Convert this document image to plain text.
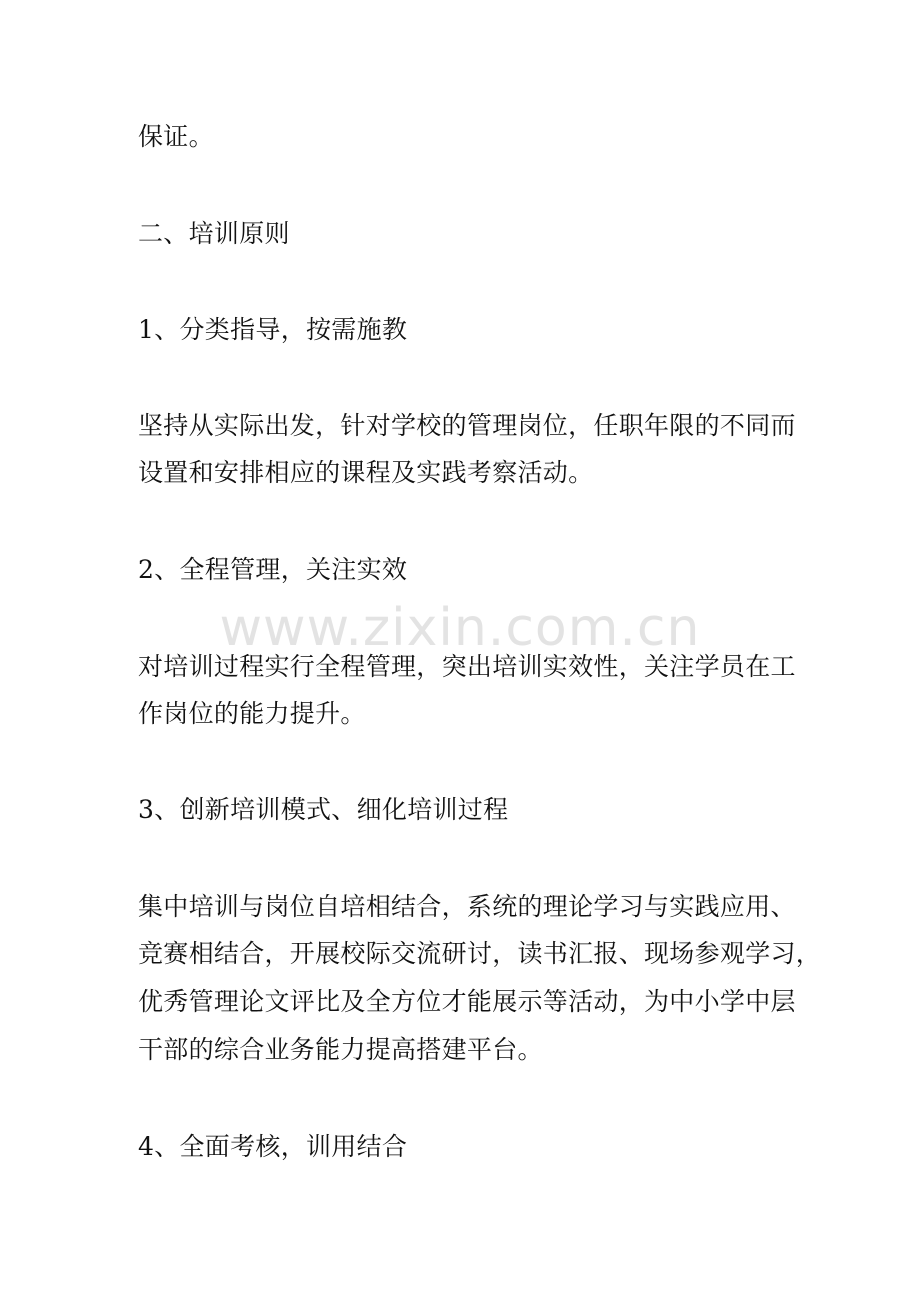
www.zixin.com.cn
保证。
二、培训原则
1、分类指导，按需施教
坚持从实际出发，针对学校的管理岗位，任职年限的不同而
设置和安排相应的课程及实践考察活动。
2、全程管理，关注实效
对培训过程实行全程管理，突出培训实效性，关注学员在工
作岗位的能力提升。
3、创新培训模式、细化培训过程
集中培训与岗位自培相结合，系统的理论学习与实践应用、
竞赛相结合，开展校际交流研讨，读书汇报、现场参观学习，
优秀管理论文评比及全方位才能展示等活动，为中小学中层
干部的综合业务能力提高搭建平台。
4、全面考核，训用结合
